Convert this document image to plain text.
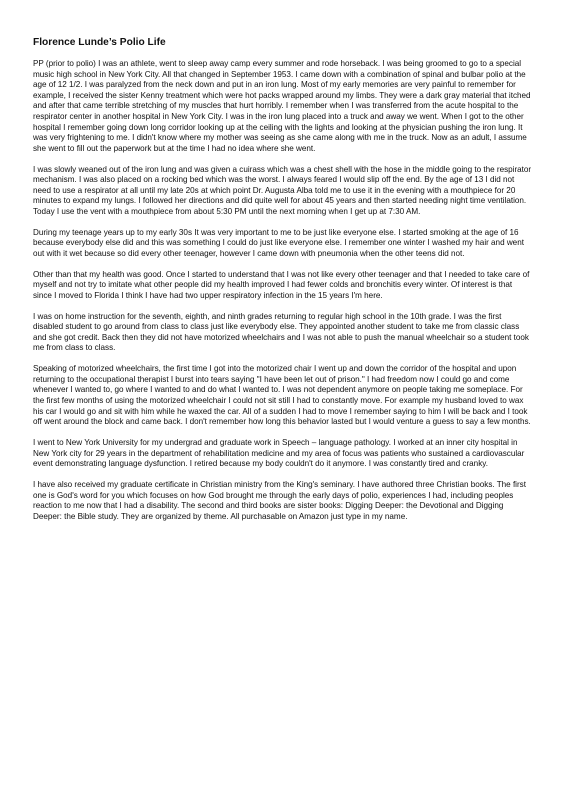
Florence Lunde’s Polio Life

PP (prior to polio) I was an athlete, went to sleep away camp every summer and rode horseback. I was being groomed to go to a special music high school in New York City. All that changed in September 1953. I came down with a combination of spinal and bulbar polio at the age of 12 1/2. I was paralyzed from the neck down and put in an iron lung. Most of my early memories are very painful to remember for example, I received the sister Kenny treatment which were hot packs wrapped around my limbs. They were a dark gray material that itched and after that came terrible stretching of my muscles that hurt horribly. I remember when I was transferred from the acute hospital to the respirator center in another hospital in New York City. I was in the iron lung placed into a truck and away we went. When I got to the other hospital I remember going down long corridor looking up at the ceiling with the lights and looking at the physician pushing the iron lung. It was very frightening to me. I didn't know where my mother was seeing as she came along with me in the truck. Now as an adult, I assume she went to fill out the paperwork but at the time I had no idea where she went.

I was slowly weaned out of the iron lung and was given a cuirass which was a chest shell with the hose in the middle going to the respirator mechanism. I was also placed on a rocking bed which was the worst. I always feared I would slip off the end. By the age of 13 I did not need to use a respirator at all until my late 20s at which point Dr. Augusta Alba told me to use it in the evening with a mouthpiece for 20 minutes to expand my lungs. I followed her directions and did quite well for about 45 years and then started needing night time ventilation. Today I use the vent with a mouthpiece from about 5:30 PM until the next morning when I get up at 7:30 AM.

During my teenage years up to my early 30s It was very important to me to be just like everyone else. I started smoking at the age of 16 because everybody else did and this was something I could do just like everyone else. I remember one winter I washed my hair and went out with it wet because so did every other teenager, however I came down with pneumonia when the other teens did not.

Other than that my health was good. Once I started to understand that I was not like every other teenager and that I needed to take care of myself and not try to imitate what other people did my health improved I had fewer colds and bronchitis every winter. Of interest is that since I moved to Florida I think I have had two upper respiratory infection in the 15 years I'm here.

I was on home instruction for the seventh, eighth, and ninth grades returning to regular high school in the 10th grade. I was the first disabled student to go around from class to class just like everybody else. They appointed another student to take me from classic class and she got credit. Back then they did not have motorized wheelchairs and I was not able to push the manual wheelchair so a student took me from class to class.

Speaking of motorized wheelchairs, the first time I got into the motorized chair I went up and down the corridor of the hospital and upon returning to the occupational therapist I burst into tears saying "I have been let out of prison." I had freedom now I could go and come whenever I wanted to, go where I wanted to and do what I wanted to. I was not dependent anymore on people taking me someplace. For the first few months of using the motorized wheelchair I could not sit still I had to constantly move. For example my husband loved to wax his car I would go and sit with him while he waxed the car. All of a sudden I had to move I remember saying to him I will be back and I took off went around the block and came back. I don't remember how long this behavior lasted but I would venture a guess to say a few months.

I went to New York University for my undergrad and graduate work in Speech – language pathology. I worked at an inner city hospital in New York city for 29 years in the department of rehabilitation medicine and my area of focus was patients who sustained a cardiovascular event demonstrating language dysfunction. I retired because my body couldn't do it anymore. I was constantly tired and cranky.

I have also received my graduate certificate in Christian ministry from the King's seminary. I have authored three Christian books. The first one is God's word for you which focuses on how God brought me through the early days of polio, experiences I had, including peoples reaction to me now that I had a disability. The second and third books are sister books: Digging Deeper: the Devotional and Digging Deeper: the Bible study. They are organized by theme. All purchasable on Amazon just type in my name.
